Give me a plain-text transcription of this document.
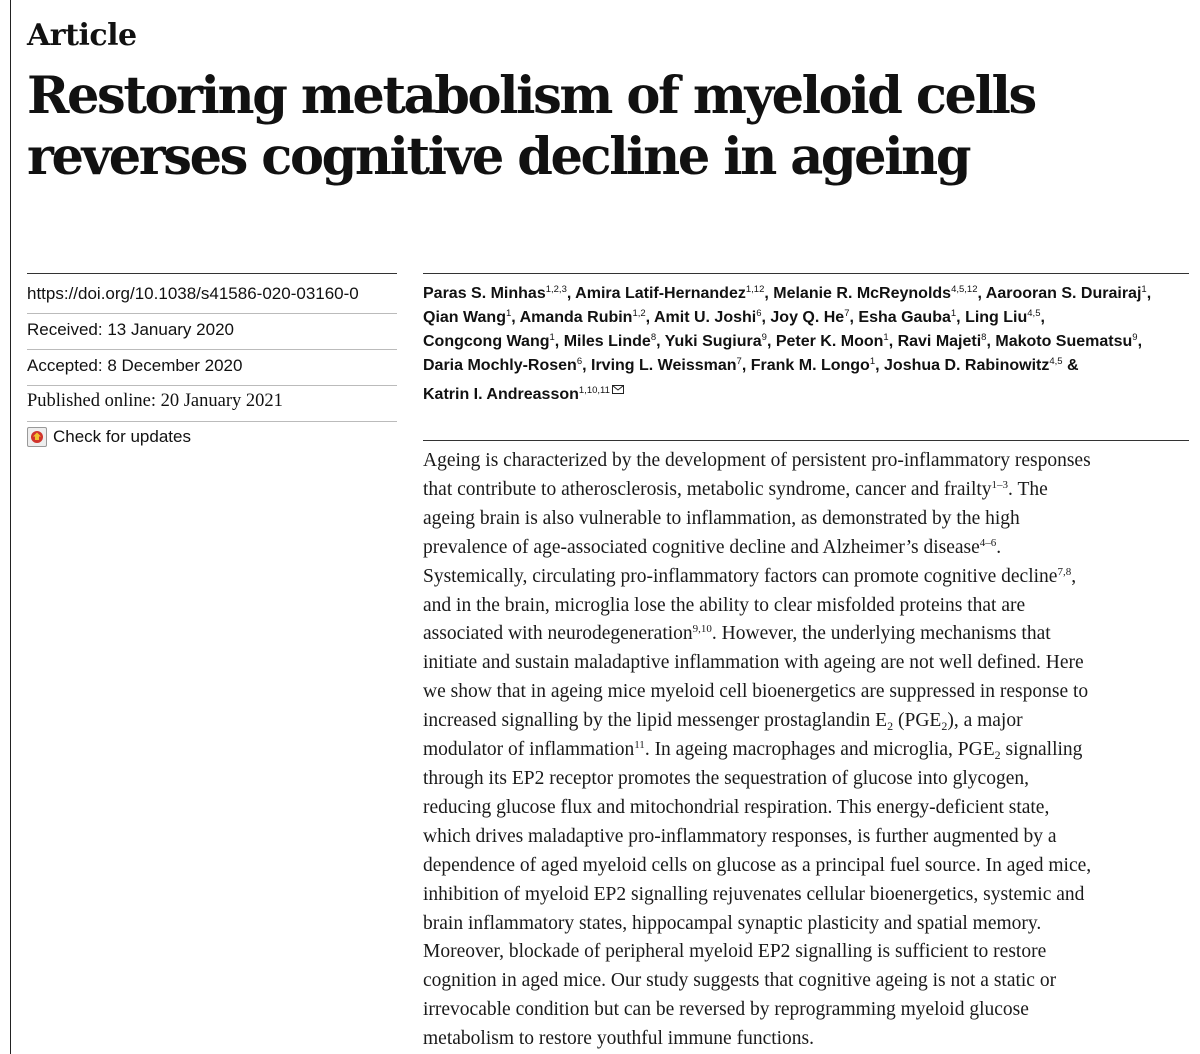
Article
Restoring metabolism of myeloid cells
reverses cognitive decline in ageing
https://doi.org/10.1038/s41586-020-03160-0
Received: 13 January 2020
Accepted: 8 December 2020
Published online: 20 January 2021
Check for updates
Paras S. Minhas$^{1,2,3}$, Amira Latif-Hernandez$^{1,12}$, Melanie R. McReynolds$^{4,5,12}$, Aarooran S. Durairaj$^1$,
Qian Wang$^1$, Amanda Rubin$^{1,2}$, Amit U. Joshi$^6$, Joy Q. He$^7$, Esha Gauba$^1$, Ling Liu$^{4,5}$,
Congcong Wang$^1$, Miles Linde$^8$, Yuki Sugiura$^9$, Peter K. Moon$^1$, Ravi Majeti$^8$, Makoto Suematsu$^9$,
Daria Mochly-Rosen$^6$, Irving L. Weissman$^7$, Frank M. Longo$^1$, Joshua D. Rabinowitz$^{4,5}$ &
Katrin I. Andreasson$^{1,10,11}$

Ageing is characterized by the development of persistent pro-inflammatory responses
that contribute to atherosclerosis, metabolic syndrome, cancer and frailty$^{1-3}$. The
ageing brain is also vulnerable to inflammation, as demonstrated by the high
prevalence of age-associated cognitive decline and Alzheimer’s disease$^{4-6}$.
Systemically, circulating pro-inflammatory factors can promote cognitive decline$^{7,8}$,
and in the brain, microglia lose the ability to clear misfolded proteins that are
associated with neurodegeneration$^{9,10}$. However, the underlying mechanisms that
initiate and sustain maladaptive inflammation with ageing are not well defined. Here
we show that in ageing mice myeloid cell bioenergetics are suppressed in response to
increased signalling by the lipid messenger prostaglandin $E_2$ $(PGE_2)$, a major
modulator of inflammation$^{11}$. In ageing macrophages and microglia, $PGE_2$ signalling
through its EP2 receptor promotes the sequestration of glucose into glycogen,
reducing glucose flux and mitochondrial respiration. This energy-deficient state,
which drives maladaptive pro-inflammatory responses, is further augmented by a
dependence of aged myeloid cells on glucose as a principal fuel source. In aged mice,
inhibition of myeloid EP2 signalling rejuvenates cellular bioenergetics, systemic and
brain inflammatory states, hippocampal synaptic plasticity and spatial memory.
Moreover, blockade of peripheral myeloid EP2 signalling is sufficient to restore
cognition in aged mice. Our study suggests that cognitive ageing is not a static or
irrevocable condition but can be reversed by reprogramming myeloid glucose
metabolism to restore youthful immune functions.
